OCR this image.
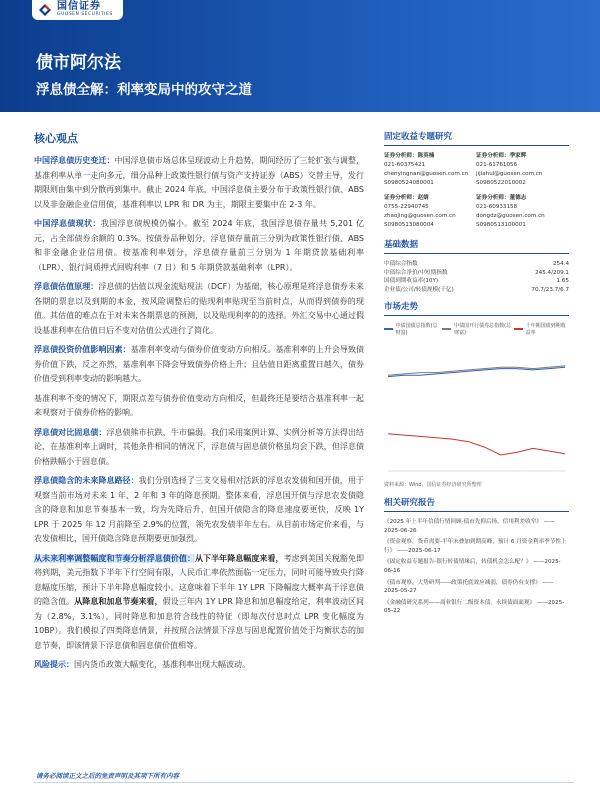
国信证券
GUOSEN SECURITIES
债市阿尔法
浮息债全解：利率变局中的攻守之道
核心观点

中国浮息债历史变迁：中国浮息债市场总体呈现波动上升趋势，期间经历了三轮扩张与调整，基准利率从单一走向多元，细分品种上政策性银行债与资产支持证券（ABS）交替主导，发行期限则由集中到分散再到集中。截止 2024 年底，中国浮息债主要分布于政策性银行债、ABS 以及非金融企业信用债，基准利率以 LPR 和 DR 为主，期限主要集中在 2-3 年。

中国浮息债现状：我国浮息债规模仍偏小。截至 2024 年底，我国浮息债存量共 5,201 亿元，占全部债券余额的 0.3%。按债券品种划分，浮息债存量前三分别为政策性银行债、ABS 和非金融企业信用债。按基准利率划分，浮息债存量前三分别为 1 年期贷款基础利率（LPR）、银行间质押式回购利率（7 日）和 5 年期贷款基础利率（LPR）。

浮息债估值原理：浮息债的估值以现金流贴现法（DCF）为基础，核心原理是将浮息债券未来各期的票息以及到期的本金，按风险调整后的贴现利率贴现至当前时点，从而得到债券的现值。其估值的难点在于对未来各期票息的预测，以及贴现利率的的选择。外汇交易中心通过假设基准利率在估值日后不变对估值公式进行了简化。

浮息债投资价值影响因素：基准利率变动与债券价值变动方向相反。基准利率的上升会导致债券价值下跌，反之亦然，基准利率下降会导致债券价格上升；且估值日距离重置日越久，债券价值受到利率变动的影响越大。

基准利率不变的情况下，期限点差与债券价值变动方向相反，但最终还是要结合基准利率一起来观察对于债券价格的影响。

浮息债对比固息债：浮息债熊市抗跌，牛市偏弱。我们采用案例计算、实例分析等方法得出结论，在基准利率上调时，其他条件相同的情况下，浮息债与固息债价格虽均会下跌，但浮息债价格跌幅小于固息债。

浮息债隐含的未来降息路径：我们分别选择了三支交易相对活跃的浮息农发债和国开债，用于观察当前市场对未来 1 年、2 年和 3 年的降息预期。整体来看，浮息国开债与浮息农发债隐含的降息和加息节奏基本一致，均为先降后升，但国开债隐含的降息速度要更快，反映 1Y LPR 于 2025 年 12 月前降至 2.9%的位置，领先农发债半年左右。从目前市场定价来看，与农发债相比，国开债隐含降息预期要更加强烈。

从未来利率调整幅度和节奏分析浮息债价值：从下半年降息幅度来看，考虑到美国关税豁免即将到期，美元指数下半年下行空间有限，人民币汇率依然面临一定压力，同时可能导致央行降息幅度压缩，预计下半年降息幅度较小。这意味着下半年 1Y LPR 下降幅度大概率高于浮息债的隐含值。从降息和加息节奏来看，假设三年内 1Y LPR 降息和加息幅度给定，利率波动区间为（2.8%，3.1%），同时降息和加息符合线性的特征（即每次付息时点 LPR 变化幅度为 10BP）。我们模拟了四类降息情景，并按照合法情景下浮息与固息配置价值处于均衡状态的加息节奏，即该情景下浮息债和固息债价值相等。

风险提示：国内货币政策大幅变化，基准利率出现大幅波动。

固定收益专题研究
证券分析师：陈英楠
021-60375421
chenyingnan@guosen.com.cn
S0980524080001
证券分析师：季家辉
021-61761056
jijiahui@guosen.com.cn
S0980522010002
证券分析师：赵婧
0755-22940745
zhaojing@guosen.com.cn
S0980513080004
证券分析师：董德志
021-60933158
dongdz@guosen.com.cn
S0980513100001
基础数据
中债综合指数	254.4
中债综合净价/中短期指数	245.4/209.1
国债到期收益率(10Y)	1.65
企业债/公司/转债规模(千亿)	70.7/23.7/6.7
市场走势
中债国债总指数(总财富)
中债国开行债券总指数(总财富)
十年期国债到期收益率
资料来源：Wind、国信证券经济研究所整理
相关研究报告
《2025 年上半年信债行情回顾-债市先抑后扬，信用利差收窄》 ——2025-06-26
《资金观察，货币需要-半年末叠加到期高峰，预计 6 月资金利率季节性上行》 ——2025-06-17
《固定收益专题报告-银行转债情缘后，转债机会怎么配？》 ——2025-06-16
《债市观察，大势研判——政策托底效应减弱，债券仍有支撑》 ——2025-05-27
《金融债研究系列——商业银行二级资本债，永续债面面观》 ——2025-05-22
请务必阅读正文之后的免责声明及其项下所有内容
